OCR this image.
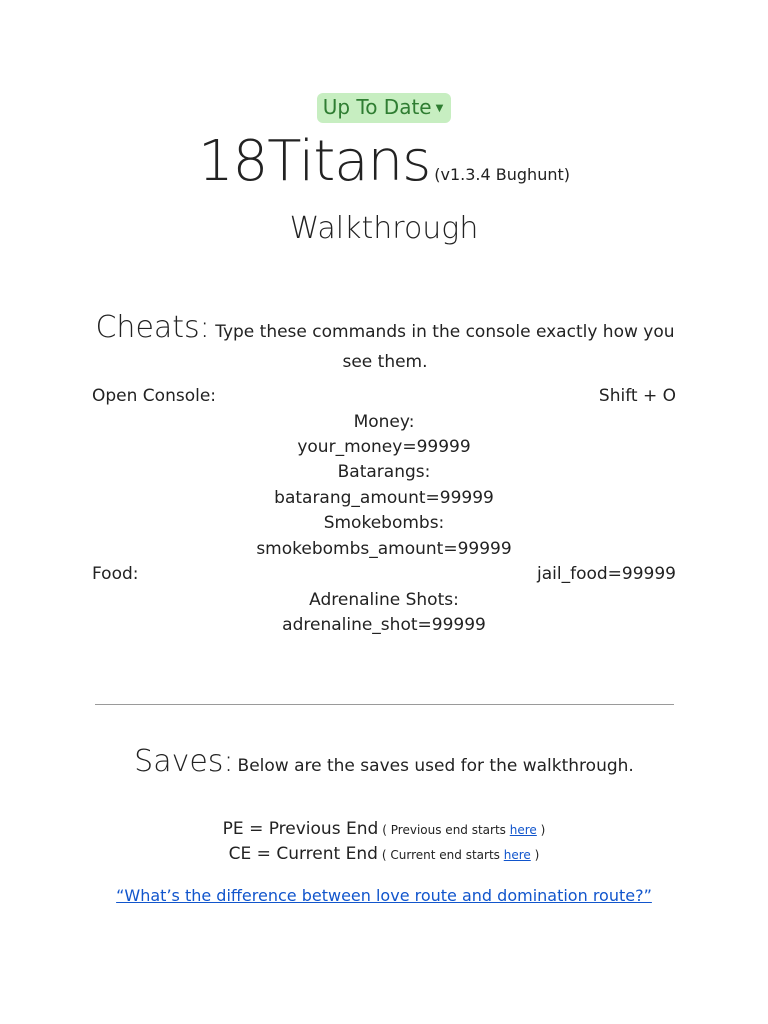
Up To Date ▼
18Titans (v1.3.4 Bughunt)
Walkthrough
Cheats: Type these commands in the console exactly how you see them.
Open Console:	Shift + O
Money:
your_money=99999
Batarangs:
batarang_amount=99999
Smokebombs:
smokebombs_amount=99999
Food:	jail_food=99999
Adrenaline Shots:
adrenaline_shot=99999
Saves: Below are the saves used for the walkthrough.
PE = Previous End ( Previous end starts here )
CE = Current End ( Current end starts here )
“What’s the difference between love route and domination route?”
